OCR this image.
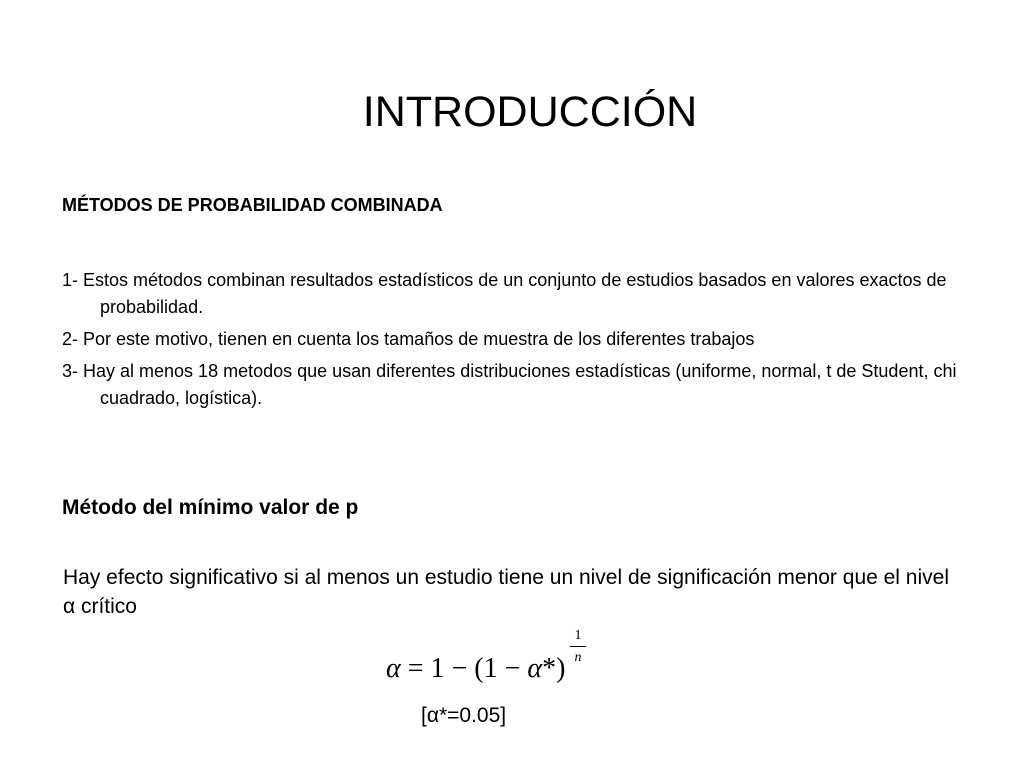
INTRODUCCIÓN
MÉTODOS DE PROBABILIDAD COMBINADA
1- Estos métodos combinan resultados estadísticos de un conjunto de estudios basados en valores exactos de probabilidad.
2- Por este motivo, tienen en cuenta los tamaños de muestra de los diferentes trabajos
3- Hay al menos 18 metodos que usan diferentes distribuciones estadísticas (uniforme, normal, t de Student, chi cuadrado, logística).
Método del mínimo valor de p

Hay efecto significativo si al menos un estudio tiene un nivel de significación menor que el nivel α crítico

α = 1 − (1 − α*)
$\frac{1}{n}$

[α*=0.05]
